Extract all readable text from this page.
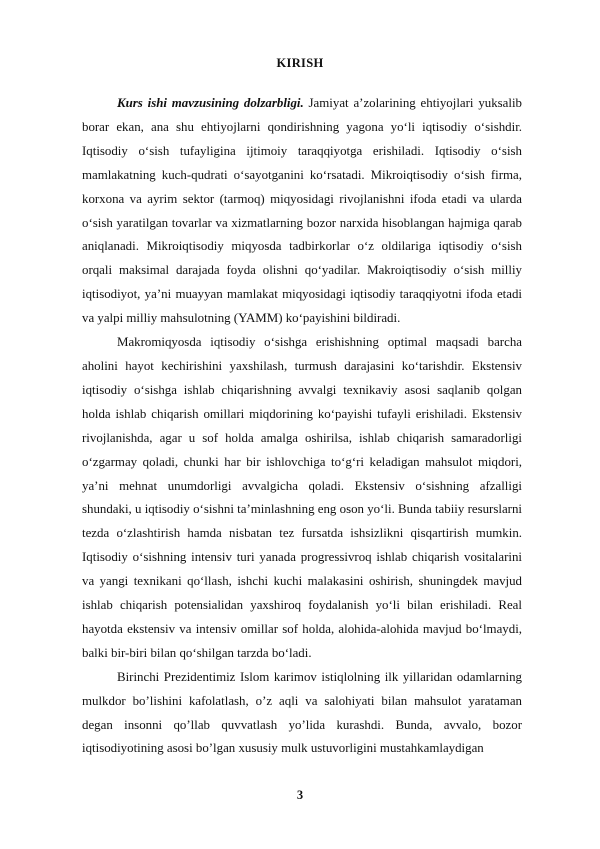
KIRISH

Kurs ishi mavzusining dolzarbligi. Jamiyat a’zolarining ehtiyojlari yuksalib borar ekan, ana shu ehtiyojlarni qondirishning yagona yo‘li iqtisodiy o‘sishdir. Iqtisodiy o‘sish tufayligina ijtimoiy taraqqiyotga erishiladi. Iqtisodiy o‘sish mamlakatning kuch-qudrati o‘sayotganini ko‘rsatadi. Mikroiqtisodiy o‘sish firma, korxona va ayrim sektor (tarmoq) miqyosidagi rivojlanishni ifoda etadi va ularda o‘sish yaratilgan tovarlar va xizmatlarning bozor narxida hisoblangan hajmiga qarab aniqlanadi. Mikroiqtisodiy miqyosda tadbirkorlar o‘z oldilariga iqtisodiy o‘sish orqali maksimal darajada foyda olishni qo‘yadilar. Makroiqtisodiy o‘sish milliy iqtisodiyot, ya’ni muayyan mamlakat miqyosidagi iqtisodiy taraqqiyotni ifoda etadi va yalpi milliy mahsulotning (YAMM) ko‘payishini bildiradi.

Makromiqyosda iqtisodiy o‘sishga erishishning optimal maqsadi barcha aholini hayot kechirishini yaxshilash, turmush darajasini ko‘tarishdir. Ekstensiv iqtisodiy o‘sishga ishlab chiqarishning avvalgi texnikaviy asosi saqlanib qolgan holda ishlab chiqarish omillari miqdorining ko‘payishi tufayli erishiladi. Ekstensiv rivojlanishda, agar u sof holda amalga oshirilsa, ishlab chiqarish samaradorligi o‘zgarmay qoladi, chunki har bir ishlovchiga to‘g‘ri keladigan mahsulot miqdori, ya’ni mehnat unumdorligi avvalgicha qoladi. Ekstensiv o‘sishning afzalligi shundaki, u iqtisodiy o‘sishni ta’minlashning eng oson yo‘li. Bunda tabiiy resurslarni tezda o‘zlashtirish hamda nisbatan tez fursatda ishsizlikni qisqartirish mumkin. Iqtisodiy o‘sishning intensiv turi yanada progressivroq ishlab chiqarish vositalarini va yangi texnikani qo‘llash, ishchi kuchi malakasini oshirish, shuningdek mavjud ishlab chiqarish potensialidan yaxshiroq foydalanish yo‘li bilan erishiladi. Real hayotda ekstensiv va intensiv omillar sof holda, alohida-alohida mavjud bo‘lmaydi, balki bir-biri bilan qo‘shilgan tarzda bo‘ladi.

Birinchi Prezidentimiz Islom karimov istiqlolning ilk yillaridan odamlarning mulkdor bo’lishini kafolatlash, o’z aqli va salohiyati bilan mahsulot yarataman degan insonni qo’llab quvvatlash yo’lida kurashdi. Bunda, avvalo, bozor iqtisodiyotining asosi bo’lgan xususiy mulk ustuvorligini mustahkamlaydigan

3
